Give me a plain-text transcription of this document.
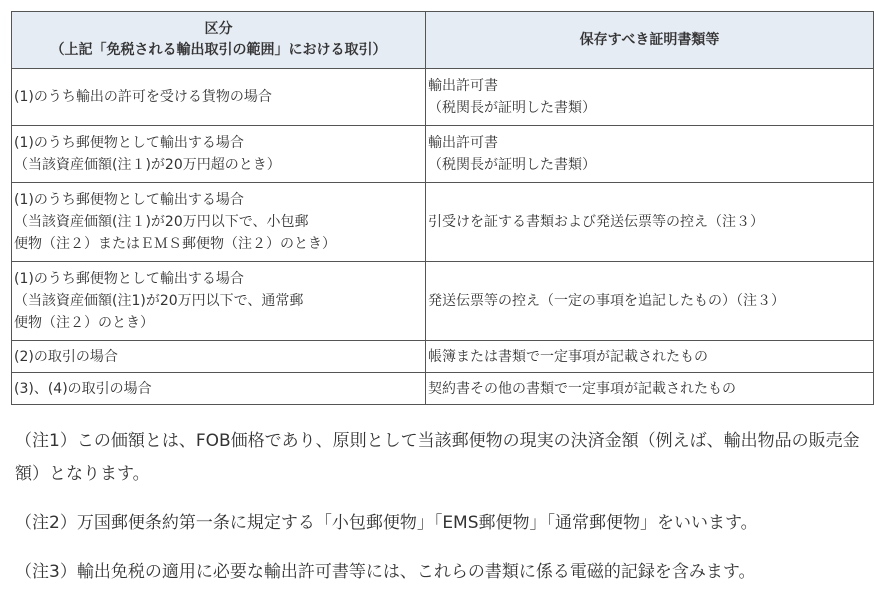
区分
（上記「免税される輸出取引の範囲」における取引）	保存すべき証明書類等

(1)のうち輸出の許可を受ける貨物の場合	輸出許可書
（税関長が証明した書類）

(1)のうち郵便物として輸出する場合
（当該資産価額(注１)が20万円超のとき）	輸出許可書
（税関長が証明した書類）

(1)のうち郵便物として輸出する場合
（当該資産価額(注１)が20万円以下で、小包郵
便物（注２）またはＥＭＳ郵便物（注２）のとき）	引受けを証する書類および発送伝票等の控え（注３）

(1)のうち郵便物として輸出する場合
（当該資産価額(注1)が20万円以下で、通常郵
便物（注２）のとき）	発送伝票等の控え（一定の事項を追記したもの）（注３）

(2)の取引の場合	帳簿または書類で一定事項が記載されたもの

(3)、(4)の取引の場合	契約書その他の書類で一定事項が記載されたもの

（注1）この価額とは、FOB価格であり、原則として当該郵便物の現実の決済金額（例えば、輸出物品の販売金額）となります。

（注2）万国郵便条約第一条に規定する「小包郵便物」「EMS郵便物」「通常郵便物」をいいます。

（注3）輸出免税の適用に必要な輸出許可書等には、これらの書類に係る電磁的記録を含みます。
